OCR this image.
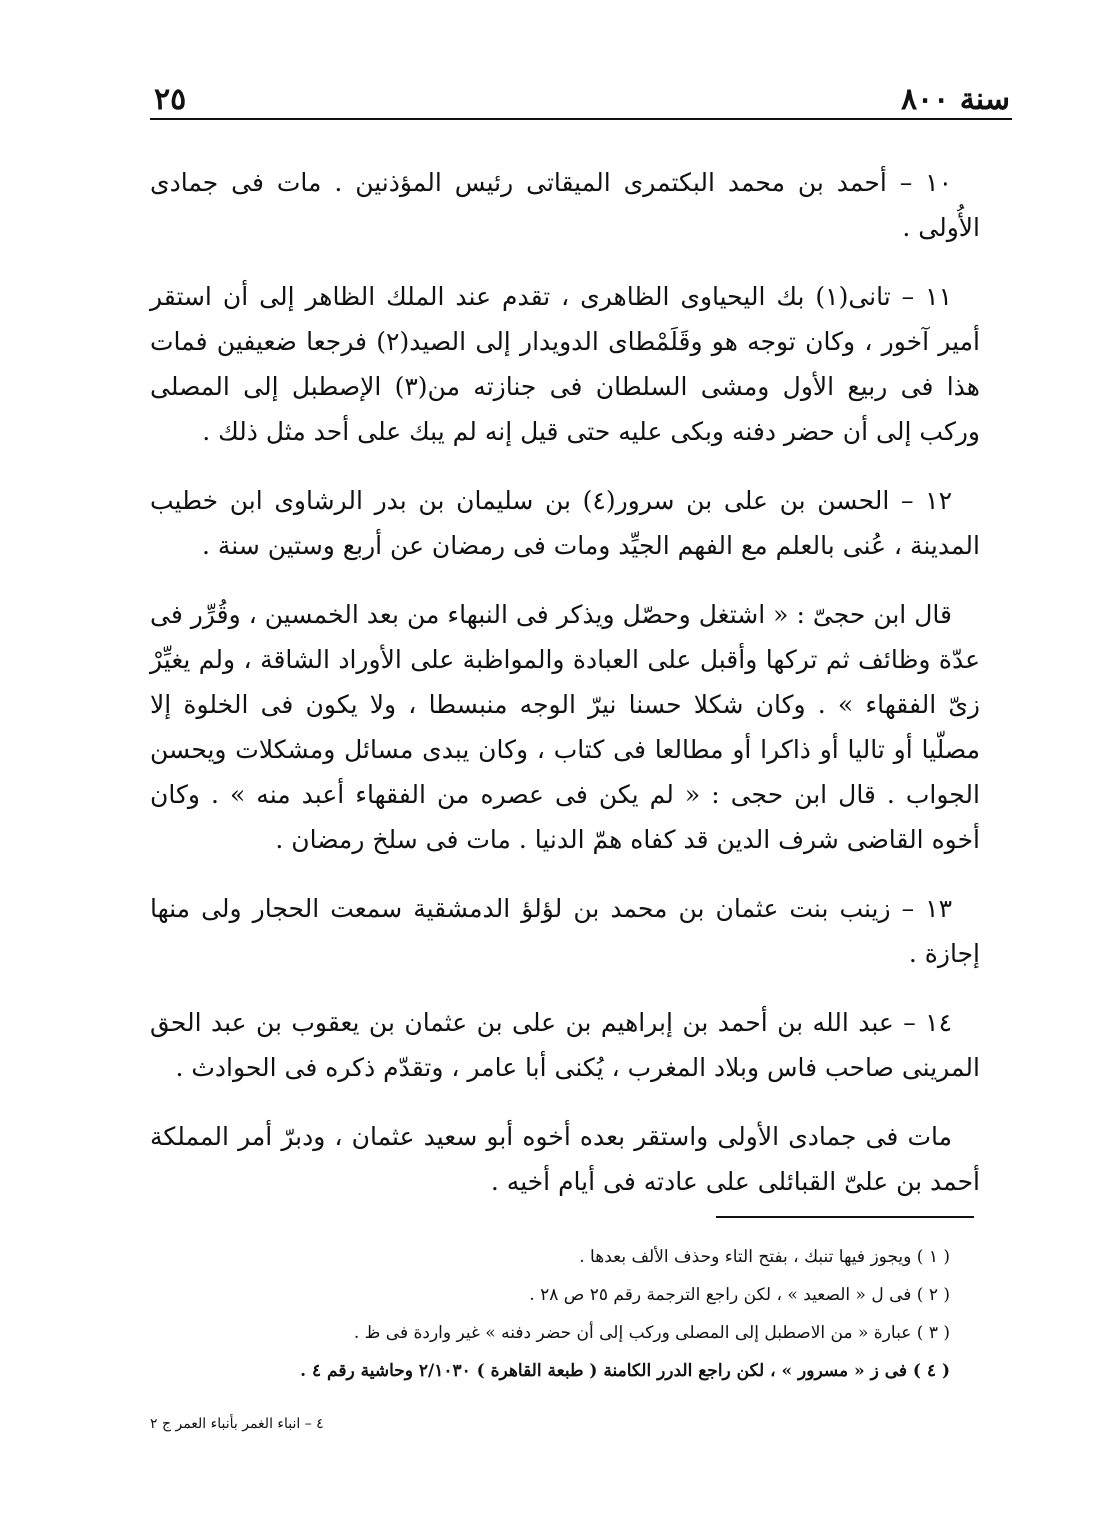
سنة ٨٠٠
٢٥

١٠ – أحمد بن محمد البكتمرى الميقاتى رئيس المؤذنين . مات فى جمادى الأُولى .

١١ – تانى(١) بك اليحياوى الظاهرى ، تقدم عند الملك الظاهر إلى أن استقر أمير آخور ، وكان توجه هو وقَلَمْطاى الدويدار إلى الصيد(٢) فرجعا ضعيفين فمات هذا فى ربيع الأول ومشى السلطان فى جنازته من(٣) الإصطبل إلى المصلى وركب إلى أن حضر دفنه وبكى عليه حتى قيل إنه لم يبك على أحد مثل ذلك .

١٢ – الحسن بن على بن سرور(٤) بن سليمان بن بدر الرشاوى ابن خطيب المدينة ، عُنى بالعلم مع الفهم الجيِّد ومات فى رمضان عن أربع وستين سنة .

قال ابن حجىّ : « اشتغل وحصّل ويذكر فى النبهاء من بعد الخمسين ، وقُرِّر فى عدّة وظائف ثم تركها وأقبل على العبادة والمواظبة على الأوراد الشاقة ، ولم يغيِّرْ زىّ الفقهاء » . وكان شكلا حسنا نيرّ الوجه منبسطا ، ولا يكون فى الخلوة إلا مصلّيا أو تاليا أو ذاكرا أو مطالعا فى كتاب ، وكان يبدى مسائل ومشكلات ويحسن الجواب . قال ابن حجى : « لم يكن فى عصره من الفقهاء أعبد منه » . وكان أخوه القاضى شرف الدين قد كفاه همّ الدنيا . مات فى سلخ رمضان .

١٣ – زينب بنت عثمان بن محمد بن لؤلؤ الدمشقية سمعت الحجار ولى منها إجازة .

١٤ – عبد الله بن أحمد بن إبراهيم بن على بن عثمان بن يعقوب بن عبد الحق المرينى صاحب فاس وبلاد المغرب ، يُكنى أبا عامر ، وتقدّم ذكره فى الحوادث .

مات فى جمادى الأولى واستقر بعده أخوه أبو سعيد عثمان ، ودبرّ أمر المملكة أحمد بن علىّ القبائلى على عادته فى أيام أخيه .

( ١ ) ويجوز فيها تنبك ، بفتح التاء وحذف الألف بعدها .

( ٢ ) فى ل « الصعيد » ، لكن راجع الترجمة رقم ٢٥ ص ٢٨ .

( ٣ ) عبارة « من الاصطبل إلى المصلى وركب إلى أن حضر دفنه » غير واردة فى ظ .

( ٤ ) فى ز « مسرور » ، لكن راجع الدرر الكامنة ( طبعة القاهرة ) ٢/١٠٣٠ وحاشية رقم ٤ .

٤ – انباء الغمر بأنباء العمر ج ٢
